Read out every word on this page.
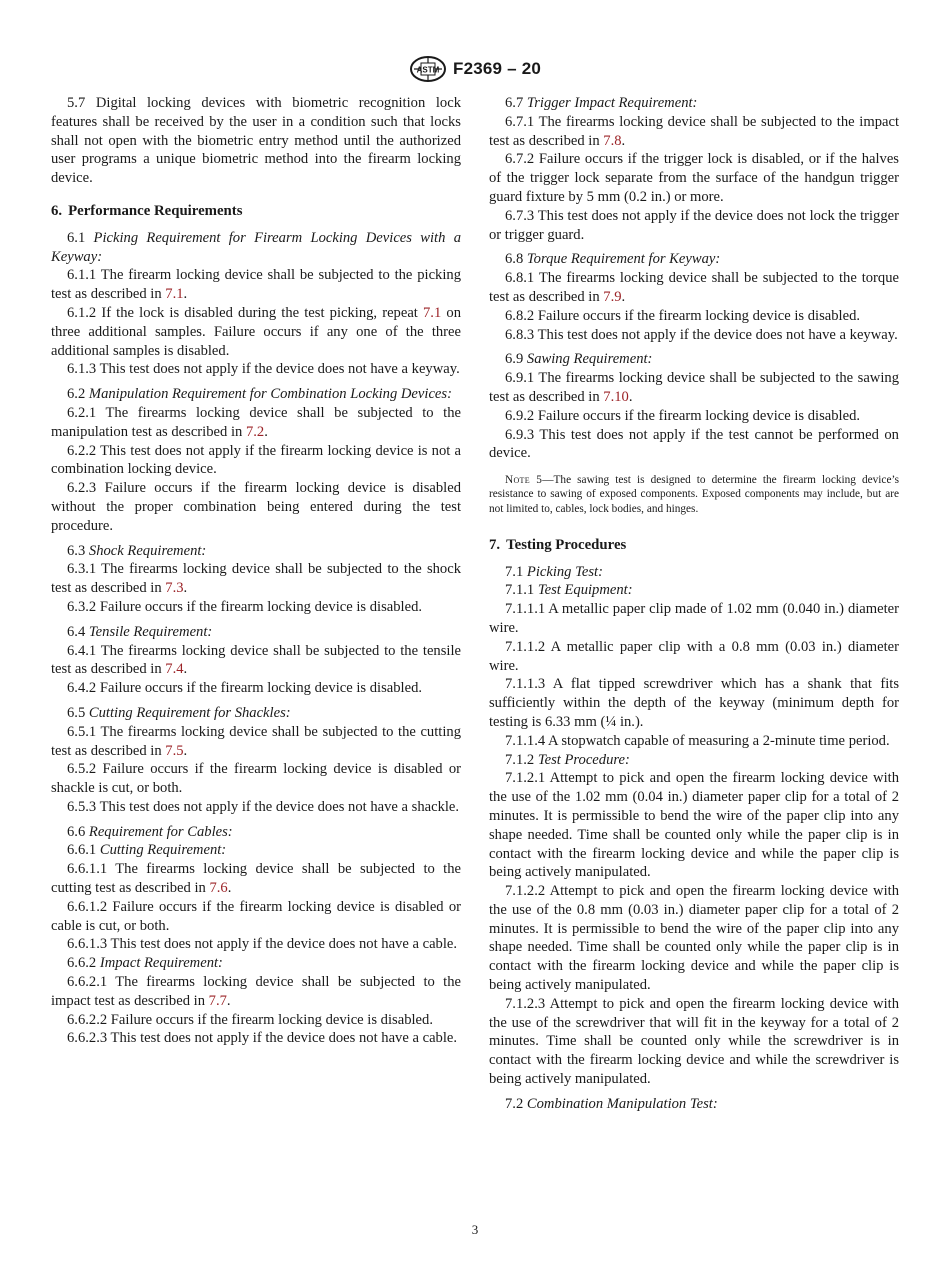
ASTM F2369 – 20

5.7 Digital locking devices with biometric recognition lock features shall be received by the user in a condition such that locks shall not open with the biometric entry method until the authorized user programs a unique biometric method into the firearm locking device.

6. Performance Requirements

6.1 Picking Requirement for Firearm Locking Devices with a Keyway:

6.1.1 The firearm locking device shall be subjected to the picking test as described in 7.1.

6.1.2 If the lock is disabled during the test picking, repeat 7.1 on three additional samples. Failure occurs if any one of the three additional samples is disabled.

6.1.3 This test does not apply if the device does not have a keyway.

6.2 Manipulation Requirement for Combination Locking Devices:

6.2.1 The firearms locking device shall be subjected to the manipulation test as described in 7.2.

6.2.2 This test does not apply if the firearm locking device is not a combination locking device.

6.2.3 Failure occurs if the firearm locking device is disabled without the proper combination being entered during the test procedure.

6.3 Shock Requirement:

6.3.1 The firearms locking device shall be subjected to the shock test as described in 7.3.

6.3.2 Failure occurs if the firearm locking device is disabled.

6.4 Tensile Requirement:

6.4.1 The firearms locking device shall be subjected to the tensile test as described in 7.4.

6.4.2 Failure occurs if the firearm locking device is disabled.

6.5 Cutting Requirement for Shackles:

6.5.1 The firearms locking device shall be subjected to the cutting test as described in 7.5.

6.5.2 Failure occurs if the firearm locking device is disabled or shackle is cut, or both.

6.5.3 This test does not apply if the device does not have a shackle.

6.6 Requirement for Cables:

6.6.1 Cutting Requirement:

6.6.1.1 The firearms locking device shall be subjected to the cutting test as described in 7.6.

6.6.1.2 Failure occurs if the firearm locking device is disabled or cable is cut, or both.

6.6.1.3 This test does not apply if the device does not have a cable.

6.6.2 Impact Requirement:

6.6.2.1 The firearms locking device shall be subjected to the impact test as described in 7.7.

6.6.2.2 Failure occurs if the firearm locking device is disabled.

6.6.2.3 This test does not apply if the device does not have a cable.

6.7 Trigger Impact Requirement:

6.7.1 The firearms locking device shall be subjected to the impact test as described in 7.8.

6.7.2 Failure occurs if the trigger lock is disabled, or if the halves of the trigger lock separate from the surface of the handgun trigger guard fixture by 5 mm (0.2 in.) or more.

6.7.3 This test does not apply if the device does not lock the trigger or trigger guard.

6.8 Torque Requirement for Keyway:

6.8.1 The firearms locking device shall be subjected to the torque test as described in 7.9.

6.8.2 Failure occurs if the firearm locking device is disabled.

6.8.3 This test does not apply if the device does not have a keyway.

6.9 Sawing Requirement:

6.9.1 The firearms locking device shall be subjected to the sawing test as described in 7.10.

6.9.2 Failure occurs if the firearm locking device is disabled.

6.9.3 This test does not apply if the test cannot be performed on device.

Note 5—The sawing test is designed to determine the firearm locking device’s resistance to sawing of exposed components. Exposed components may include, but are not limited to, cables, lock bodies, and hinges.

7. Testing Procedures

7.1 Picking Test:

7.1.1 Test Equipment:

7.1.1.1 A metallic paper clip made of 1.02 mm (0.040 in.) diameter wire.

7.1.1.2 A metallic paper clip with a 0.8 mm (0.03 in.) diameter wire.

7.1.1.3 A flat tipped screwdriver which has a shank that fits sufficiently within the depth of the keyway (minimum depth for testing is 6.33 mm (¼ in.).

7.1.1.4 A stopwatch capable of measuring a 2-minute time period.

7.1.2 Test Procedure:

7.1.2.1 Attempt to pick and open the firearm locking device with the use of the 1.02 mm (0.04 in.) diameter paper clip for a total of 2 minutes. It is permissible to bend the wire of the paper clip into any shape needed. Time shall be counted only while the paper clip is in contact with the firearm locking device and while the paper clip is being actively manipulated.

7.1.2.2 Attempt to pick and open the firearm locking device with the use of the 0.8 mm (0.03 in.) diameter paper clip for a total of 2 minutes. It is permissible to bend the wire of the paper clip into any shape needed. Time shall be counted only while the paper clip is in contact with the firearm locking device and while the paper clip is being actively manipulated.

7.1.2.3 Attempt to pick and open the firearm locking device with the use of the screwdriver that will fit in the keyway for a total of 2 minutes. Time shall be counted only while the screwdriver is in contact with the firearm locking device and while the screwdriver is being actively manipulated.

7.2 Combination Manipulation Test:

3
